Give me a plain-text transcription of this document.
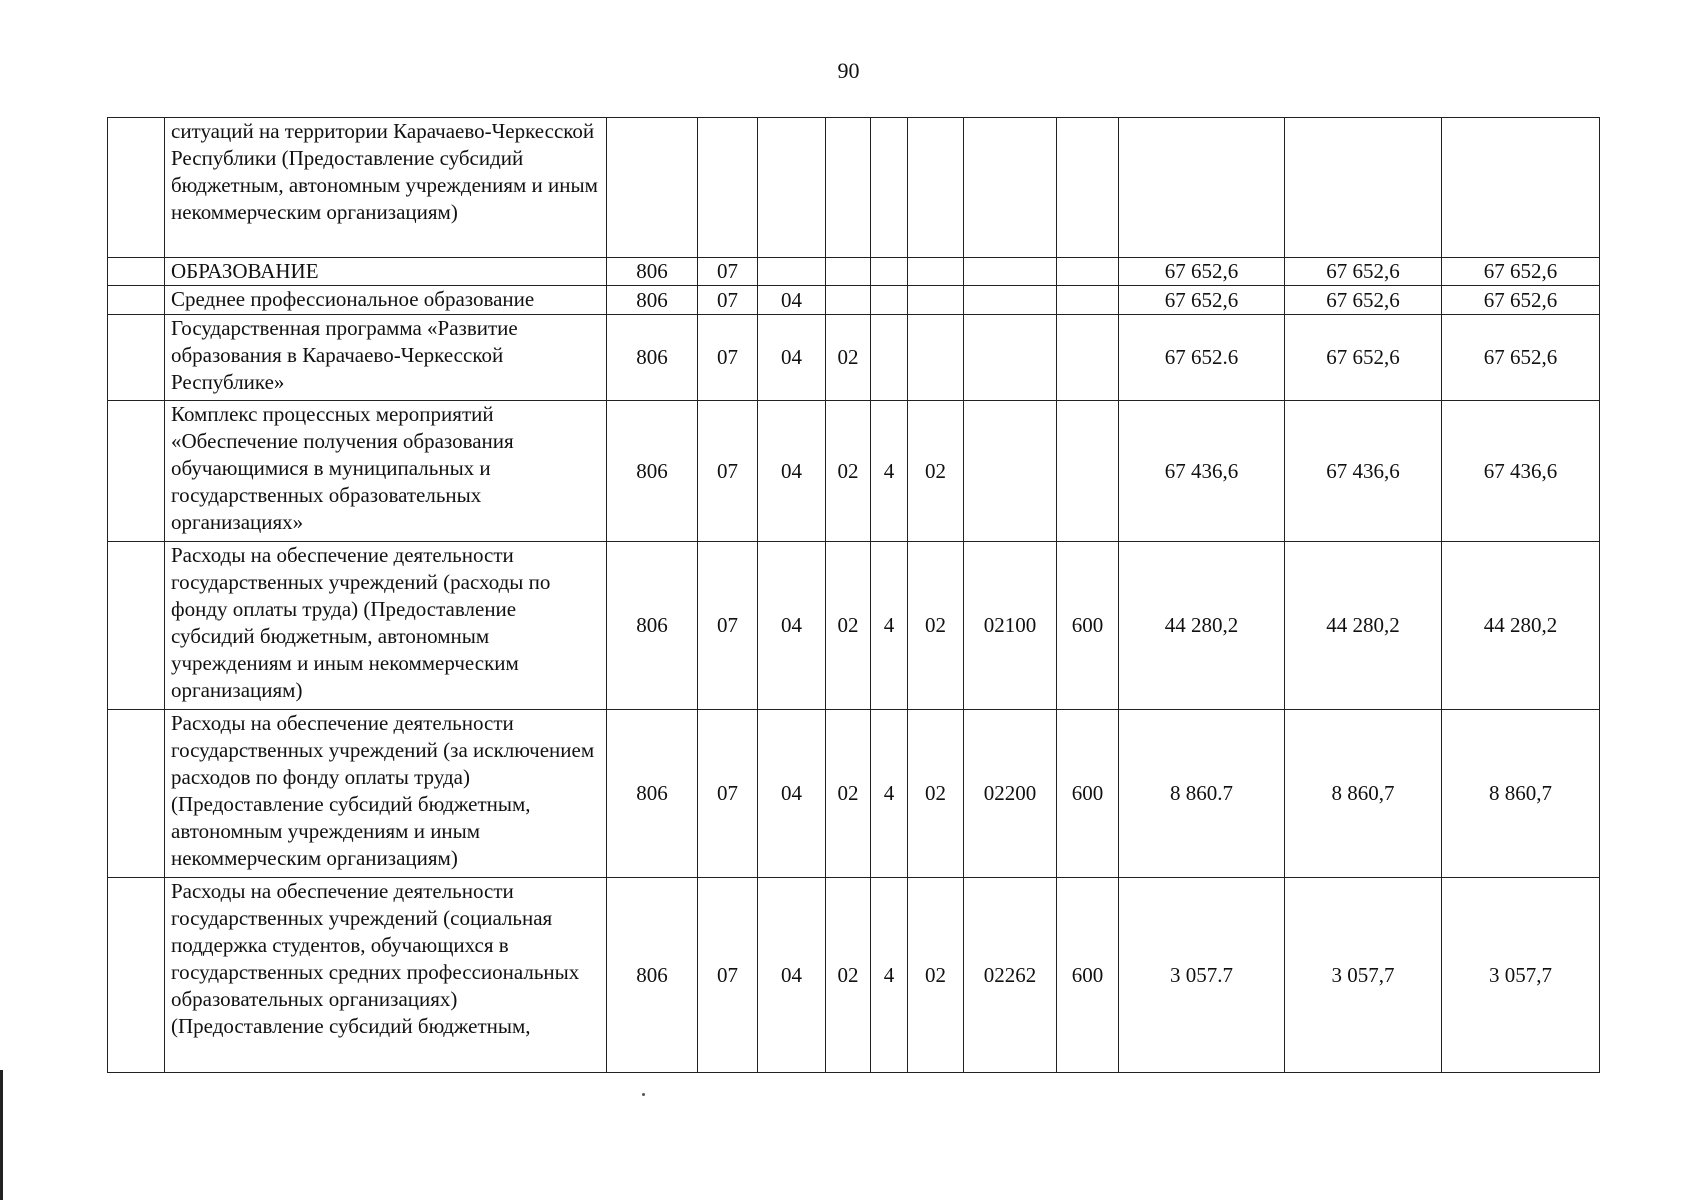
90
	ситуаций на территории Карачаево-Черкесской Республики (Предоставление субсидий бюджетным, автономным учреждениям и иным некоммерческим организациям)											
	ОБРАЗОВАНИЕ	806	07							67 652,6	67 652,6	67 652,6
	Среднее профессиональное образование	806	07	04						67 652,6	67 652,6	67 652,6
	Государственная программа «Развитие образования в Карачаево-Черкесской Республике»	806	07	04	02					67 652.6	67 652,6	67 652,6
	Комплекс процессных мероприятий «Обеспечение получения образования обучающимися в муниципальных и государственных образовательных организациях»	806	07	04	02	4	02			67 436,6	67 436,6	67 436,6
	Расходы на обеспечение деятельности государственных учреждений (расходы по фонду оплаты труда) (Предоставление субсидий бюджетным, автономным учреждениям и иным некоммерческим организациям)	806	07	04	02	4	02	02100	600	44 280,2	44 280,2	44 280,2
	Расходы на обеспечение деятельности государственных учреждений (за исключением расходов по фонду оплаты труда) (Предоставление субсидий бюджетным, автономным учреждениям и иным некоммерческим организациям)	806	07	04	02	4	02	02200	600	8 860.7	8 860,7	8 860,7
	Расходы на обеспечение деятельности государственных учреждений (социальная поддержка студентов, обучающихся в государственных средних профессиональных образовательных организациях) (Предоставление субсидий бюджетным,	806	07	04	02	4	02	02262	600	3 057.7	3 057,7	3 057,7
